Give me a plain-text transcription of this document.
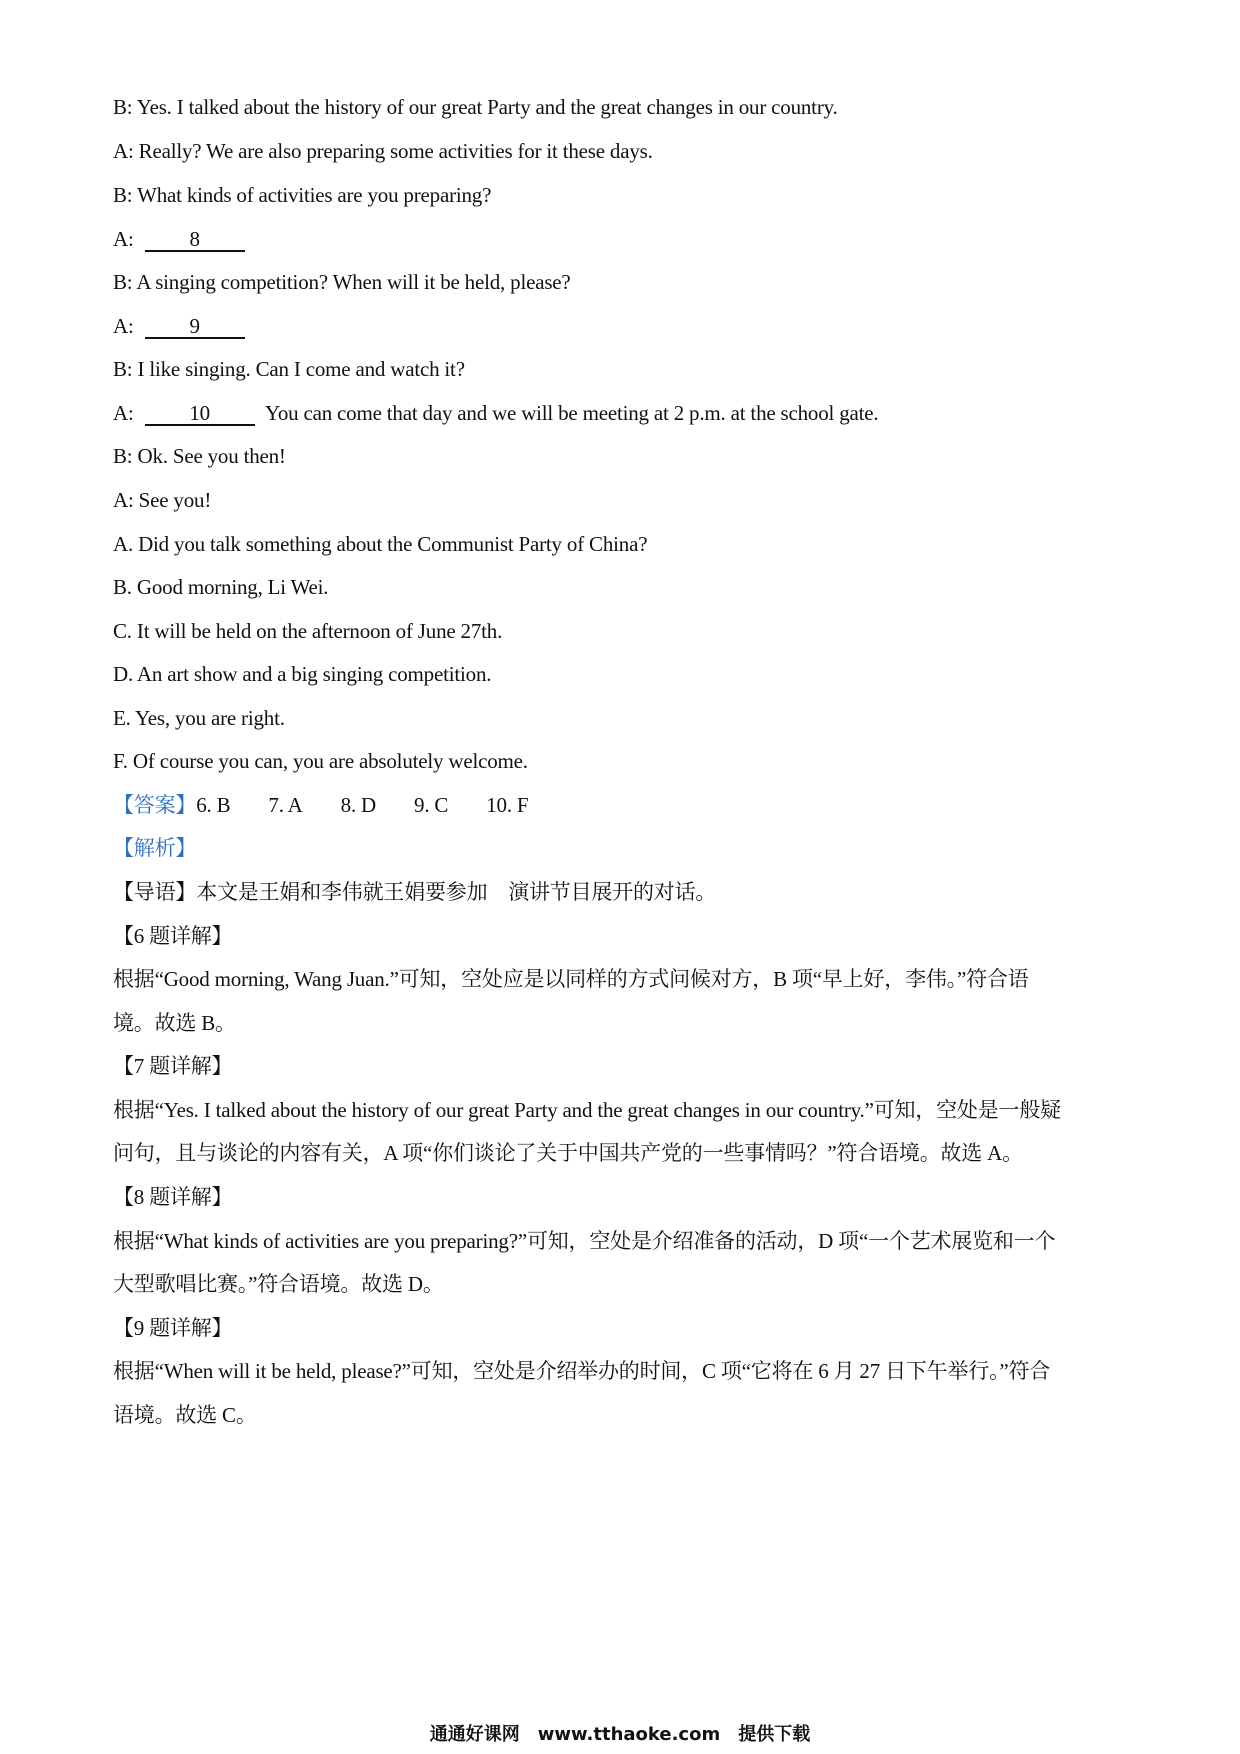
B: Yes. I talked about the history of our great Party and the great changes in our country.
A: Really? We are also preparing some activities for it these days.
B: What kinds of activities are you preparing?
A:	8
B: A singing competition? When will it be held, please?
A:	9
B: I like singing. Can I come and watch it?
A:	10	You can come that day and we will be meeting at 2 p.m. at the school gate.
B: Ok. See you then!
A: See you!
A. Did you talk something about the Communist Party of China?
B. Good morning, Li Wei.
C. It will be held on the afternoon of June 27th.
D. An art show and a big singing competition.
E. Yes, you are right.
F. Of course you can, you are absolutely welcome.
【答案】6. B 7. A 8. D 9. C 10. F
【解析】
【导语】本文是王娟和李伟就王娟要参加　演讲节目展开的对话。
【6 题详解】
根据“Good morning, Wang Juan.”可知，空处应是以同样的方式问候对方，B 项“早上好，李伟。”符合语
境。故选 B。
【7 题详解】
根据“Yes. I talked about the history of our great Party and the great changes in our country.”可知，空处是一般疑
问句，且与谈论的内容有关，A 项“你们谈论了关于中国共产党的一些事情吗？”符合语境。故选 A。
【8 题详解】
根据“What kinds of activities are you preparing?”可知，空处是介绍准备的活动，D 项“一个艺术展览和一个
大型歌唱比赛。”符合语境。故选 D。
【9 题详解】
根据“When will it be held, please?”可知，空处是介绍举办的时间，C 项“它将在 6 月 27 日下午举行。”符合
语境。故选 C。
通通好课网　www.tthaoke.com　提供下载
